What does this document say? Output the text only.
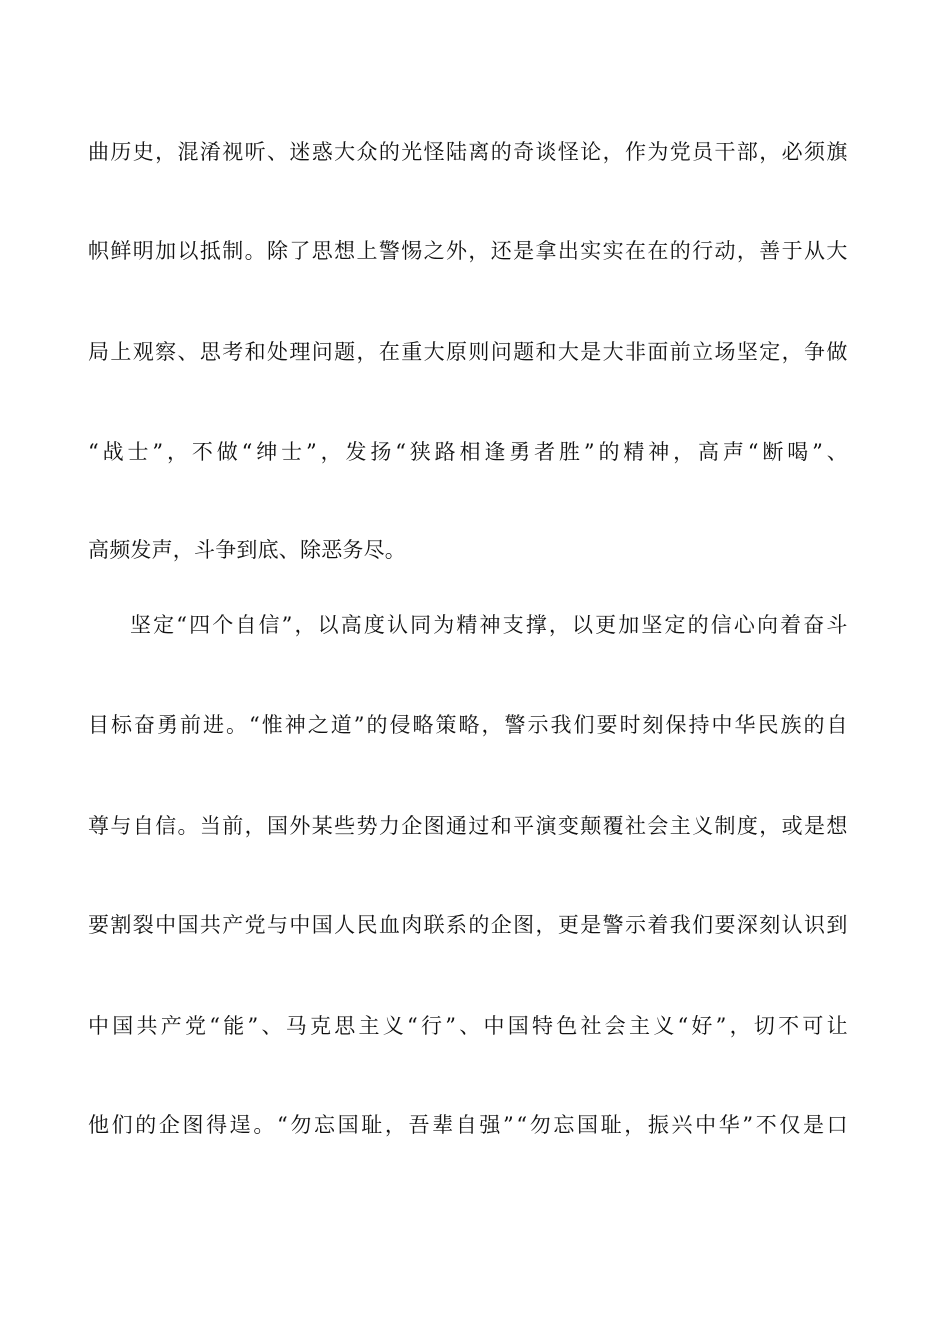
曲 历 史 ， 混 淆 视 听 、 迷 惑 大 众 的 光 怪 陆 离 的 奇 谈 怪 论 ， 作 为 党 员 干 部 ， 必 须 旗
帜 鲜 明 加 以 抵 制 。 除 了 思 想 上 警 惕 之 外 ， 还 是 拿 出 实 实 在 在 的 行 动 ， 善 于 从 大
局 上 观 察 、 思 考 和 处 理 问 题 ， 在 重 大 原 则 问 题 和 大 是 大 非 面 前 立 场 坚 定 ， 争 做
“ 战 士 ” ， 不 做 “ 绅 士 ” ， 发 扬 “ 狭 路 相 逢 勇 者 胜 ” 的 精 神 ， 高 声 “ 断 喝 ” 、
高频发声，斗争到底、除恶务尽。
坚 定 “ 四 个 自 信 ” ， 以 高 度 认 同 为 精 神 支 撑 ， 以 更 加 坚 定 的 信 心 向 着 奋 斗
目 标 奋 勇 前 进 。 “ 惟 神 之 道 ” 的 侵 略 策 略 ， 警 示 我 们 要 时 刻 保 持 中 华 民 族 的 自
尊 与 自 信 。 当 前 ， 国 外 某 些 势 力 企 图 通 过 和 平 演 变 颠 覆 社 会 主 义 制 度 ， 或 是 想
要 割 裂 中 国 共 产 党 与 中 国 人 民 血 肉 联 系 的 企 图 ， 更 是 警 示 着 我 们 要 深 刻 认 识 到
中 国 共 产 党 “ 能 ” 、 马 克 思 主 义 “ 行 ” 、 中 国 特 色 社 会 主 义 “ 好 ” ， 切 不 可 让
他 们 的 企 图 得 逞 。 “ 勿 忘 国 耻 ， 吾 辈 自 强 ” “ 勿 忘 国 耻 ， 振 兴 中 华 ” 不 仅 是 口
